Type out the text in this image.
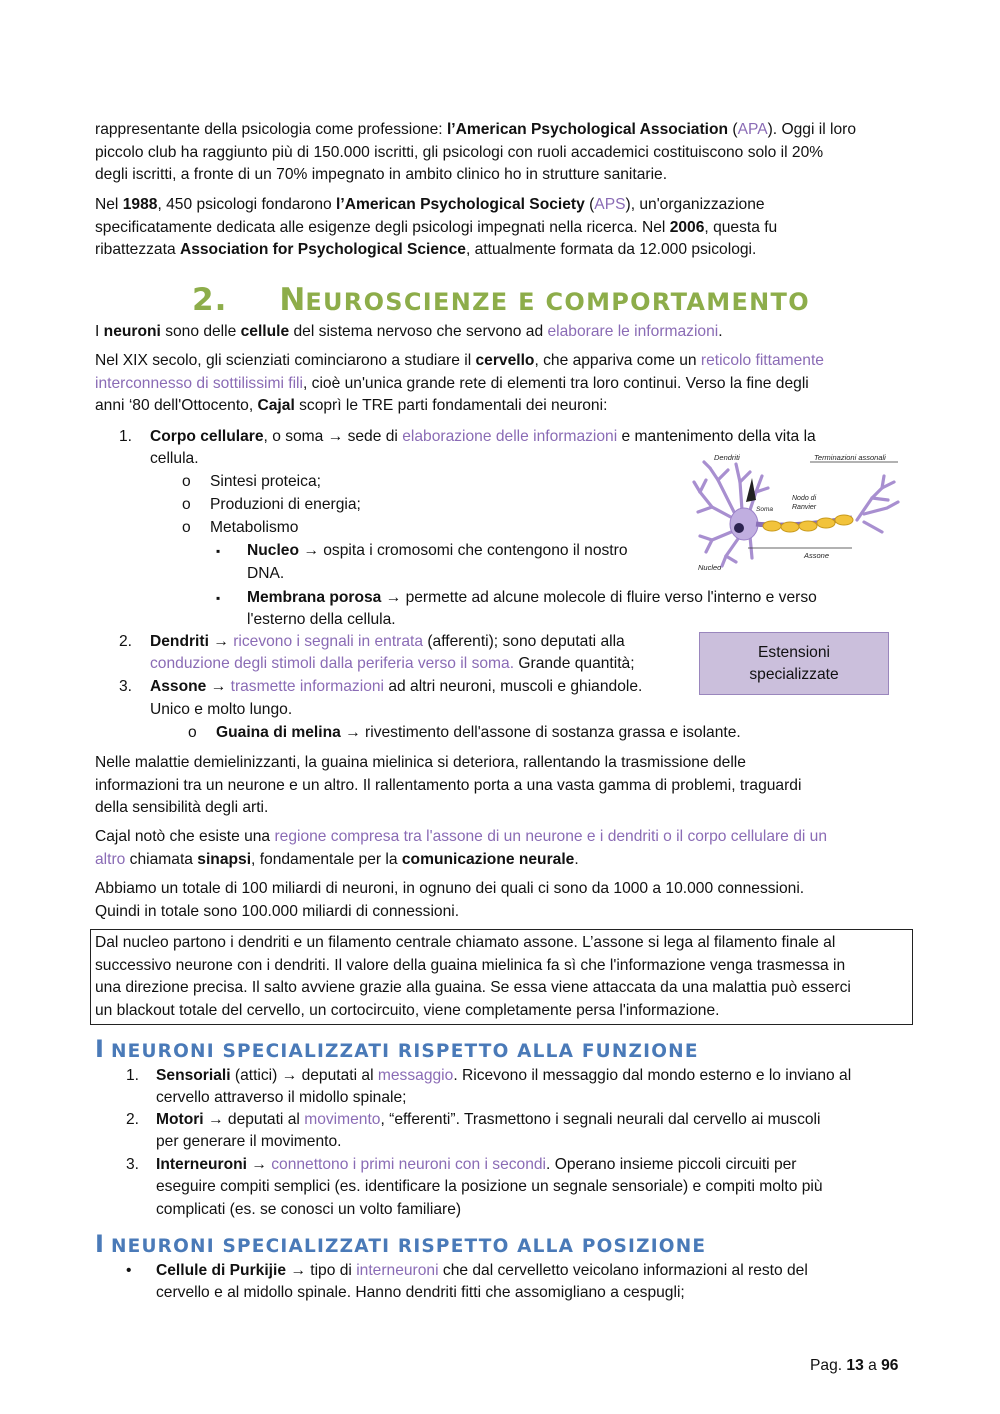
rappresentante della psicologia come professione: l’American Psychological Association (APA). Oggi il loro
piccolo club ha raggiunto più di 150.000 iscritti, gli psicologi con ruoli accademici costituiscono solo il 20%
degli iscritti, a fronte di un 70% impegnato in ambito clinico ho in strutture sanitarie.
Nel 1988, 450 psicologi fondarono l’American Psychological Society (APS), un'organizzazione
specificatamente dedicata alle esigenze degli psicologi impegnati nella ricerca. Nel 2006, questa fu
ribattezzata Association for Psychological Science, attualmente formata da 12.000 psicologi.
2. NEUROSCIENZE E COMPORTAMENTO
I neuroni sono delle cellule del sistema nervoso che servono ad elaborare le informazioni.
Nel XIX secolo, gli scienziati cominciarono a studiare il cervello, che appariva come un reticolo fittamente
interconnesso di sottilissimi fili, cioè un'unica grande rete di elementi tra loro continui. Verso la fine degli
anni ‘80 dell'Ottocento, Cajal scoprì le TRE parti fondamentali dei neuroni:
1. Corpo cellulare, o soma → sede di elaborazione delle informazioni e mantenimento della vita la
cellula.
o Sintesi proteica;
o Produzioni di energia;
o Metabolismo
▪ Nucleo → ospita i cromosomi che contengono il nostro
DNA.
▪ Membrana porosa → permette ad alcune molecole di fluire verso l'interno e verso
l'esterno della cellula.
2. Dendriti → ricevono i segnali in entrata (afferenti); sono deputati alla
conduzione degli stimoli dalla periferia verso il soma. Grande quantità;
3. Assone → trasmette informazioni ad altri neuroni, muscoli e ghiandole.
Unico e molto lungo.
o Guaina di melina → rivestimento dell'assone di sostanza grassa e isolante.
Estensioni
specializzate
Dendriti	Terminazioni assonali
Soma
Nodo di
Ranvier
Assone
Nucleo
Nelle malattie demielinizzanti, la guaina mielinica si deteriora, rallentando la trasmissione delle
informazioni tra un neurone e un altro. Il rallentamento porta a una vasta gamma di problemi, traguardi
della sensibilità degli arti.
Cajal notò che esiste una regione compresa tra l'assone di un neurone e i dendriti o il corpo cellulare di un
altro chiamata sinapsi, fondamentale per la comunicazione neurale.
Abbiamo un totale di 100 miliardi di neuroni, in ognuno dei quali ci sono da 1000 a 10.000 connessioni.
Quindi in totale sono 100.000 miliardi di connessioni.
Dal nucleo partono i dendriti e un filamento centrale chiamato assone. L’assone si lega al filamento finale al
successivo neurone con i dendriti. Il valore della guaina mielinica fa sì che l'informazione venga trasmessa in
una direzione precisa. Il salto avviene grazie alla guaina. Se essa viene attaccata da una malattia può esserci
un blackout totale del cervello, un cortocircuito, viene completamente persa l'informazione.
I NEURONI SPECIALIZZATI RISPETTO ALLA FUNZIONE
1. Sensoriali (attici) → deputati al messaggio. Ricevono il messaggio dal mondo esterno e lo inviano al
cervello attraverso il midollo spinale;
2. Motori → deputati al movimento, “efferenti”. Trasmettono i segnali neurali dal cervello ai muscoli
per generare il movimento.
3. Interneuroni → connettono i primi neuroni con i secondi. Operano insieme piccoli circuiti per
eseguire compiti semplici (es. identificare la posizione un segnale sensoriale) e compiti molto più
complicati (es. se conosci un volto familiare)
I NEURONI SPECIALIZZATI RISPETTO ALLA POSIZIONE
• Cellule di Purkijie → tipo di interneuroni che dal cervelletto veicolano informazioni al resto del
cervello e al midollo spinale. Hanno dendriti fitti che assomigliano a cespugli;
Pag. 13 a 96
